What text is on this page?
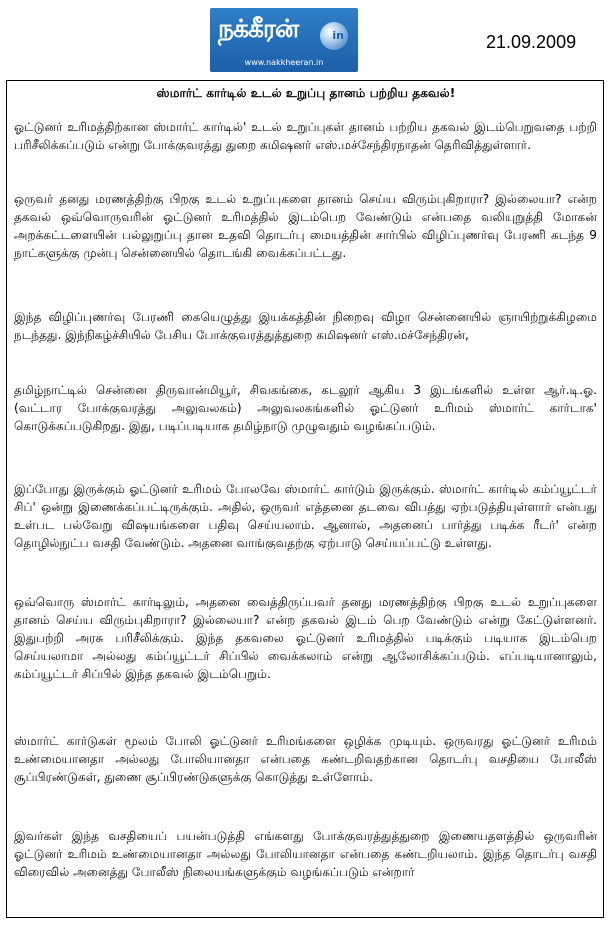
நக்கீரன்	in
www.nakkheeran.in
21.09.2009
ஸ்மார்ட் கார்டில் உடல் உறுப்பு தானம் பற்றிய தகவல்!

ஓட்டுனர் உரிமத்திற்கான ஸ்மார்ட் கார்டில்' உடல் உறுப்புகள் தானம் பற்றிய தகவல் இடம்பெறுவதை பற்றி பரிசீலிக்கப்படும் என்று போக்குவரத்து துறை கமிஷனர் எஸ்.மச்சேந்திரநாதன் தெரிவித்துள்ளார்.

ஒருவர் தனது மரணத்திற்கு பிறகு உடல் உறுப்புகளை தானம் செய்ய விரும்புகிறாரா? இல்லையா? என்ற தகவல் ஒவ்வொருவரின் ஓட்டுனர் உரிமத்தில் இடம்பெற வேண்டும் என்பதை வலியுறுத்தி மோகன் அறக்கட்டளையின் பல்லுறுப்பு தான உதவி தொடர்பு மையத்தின் சார்பில் விழிப்புணர்வு பேரணி கடந்த 9 நாட்களுக்கு முன்பு சென்னையில் தொடங்கி வைக்கப்பட்டது.

இந்த விழிப்புணர்வு பேரணி கையெழுத்து இயக்கத்தின் நிறைவு விழா சென்னையில் ஞாயிற்றுக்கிழமை நடந்தது. இந்நிகழ்ச்சியில் பேசிய போக்குவரத்துத்துறை கமிஷனர் எஸ்.மச்சேந்திரன்,

தமிழ்நாட்டில் சென்னை திருவான்மியூர், சிவகங்கை, கடலூர் ஆகிய 3 இடங்களில் உள்ள ஆர்.டி.ஓ. (வட்டார போக்குவரத்து அலுவலகம்) அலுவலகங்களில் ஓட்டுனர் உரிமம் ஸ்மார்ட் கார்டாக' கொடுக்கப்படுகிறது. இது, படிப்படியாக தமிழ்நாடு முழுவதும் வழங்கப்படும்.

இப்போது இருக்கும் ஓட்டுனர் உரிமம் போலவே ஸ்மார்ட் கார்டும் இருக்கும். ஸ்மார்ட் கார்டில் கம்ப்யூட்டர் சிப்' ஒன்று இணைக்கப்பட்டிருக்கும். அதில், ஒருவர் எத்தனை தடவை விபத்து ஏற்படுத்தியுள்ளார் என்பது உள்பட பல்வேறு விஷயங்களை பதிவு செய்யலாம். ஆனால், அதனைப் பார்த்து படிக்க ரீடர்' என்ற தொழில்நுட்ப வசதி வேண்டும். அதனை வாங்குவதற்கு ஏற்பாடு செய்யப்பட்டு உள்ளது.

ஒவ்வொரு ஸ்மார்ட் கார்டிலும், அதனை வைத்திருப்பவர் தனது மரணத்திற்கு பிறகு உடல் உறுப்புகளை தானம் செய்ய விரும்புகிறாரா? இல்லையா? என்ற தகவல் இடம் பெற வேண்டும் என்று கேட்டுள்ளனர். இதுபற்றி அரசு பரிசீலிக்கும். இந்த தகவலை ஓட்டுனர் உரிமத்தில் படிக்கும் படியாக இடம்பெற செய்யலாமா அல்லது கம்ப்யூட்டர் சிப்பில் வைக்கலாம் என்று ஆலோசிக்கப்படும். எப்படியானாலும், கம்ப்யூட்டர் சிப்பில் இந்த தகவல் இடம்பெறும்.

ஸ்மார்ட் கார்டுகள் மூலம் போலி ஓட்டுனர் உரிமங்களை ஒழிக்க முடியும். ஒருவரது ஓட்டுனர் உரிமம் உண்மையானதா அல்லது போலியானதா என்பதை கண்டறிவதற்கான தொடர்பு வசதியை போலீஸ் சூப்பிரண்டுகள், துணை சூப்பிரண்டுகளுக்கு கொடுத்து உள்ளோம்.

இவர்கள் இந்த வசதியைப் பயன்படுத்தி எங்களது போக்குவரத்துத்துறை இணையதளத்தில் ஒருவரின் ஓட்டுனர் உரிமம் உண்மையானதா அல்லது போலியானதா என்பதை கண்டறியலாம். இந்த தொடர்பு வசதி விரைவில் அனைத்து போலீஸ் நிலையங்களுக்கும் வழங்கப்படும் என்றார்
